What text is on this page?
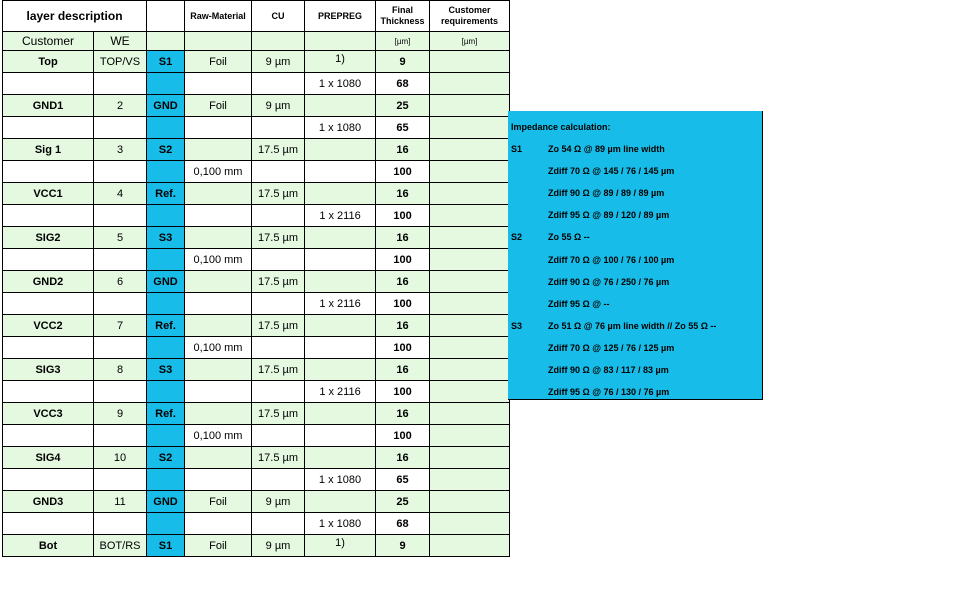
layer description			Raw-Material	CU	PREPREG	Final Thickness	Customer requirements
Customer	WE					[µm]	[µm]
Top	TOP/VS	S1	Foil	9 µm	1)	9	
					1 x 1080	68	
GND1	2	GND	Foil	9 µm		25	
					1 x 1080	65	
Sig 1	3	S2		17.5 µm		16	
			0,100 mm			100	
VCC1	4	Ref.		17.5 µm		16	
					1 x 2116	100	
SIG2	5	S3		17.5 µm		16	
			0,100 mm			100	
GND2	6	GND		17.5 µm		16	
					1 x 2116	100	
VCC2	7	Ref.		17.5 µm		16	
			0,100 mm			100	
SIG3	8	S3		17.5 µm		16	
					1 x 2116	100	
VCC3	9	Ref.		17.5 µm		16	
			0,100 mm			100	
SIG4	10	S2		17.5 µm		16	
					1 x 1080	65	
GND3	11	GND	Foil	9 µm		25	
					1 x 1080	68	
Bot	BOT/RS	S1	Foil	9 µm	1)	9	
Impedance calculation:
S1	Zo 54 Ω @ 89 µm line width
Zdiff 70 Ω @ 145 / 76 / 145 µm
Zdiff 90 Ω @ 89 / 89 / 89 µm
Zdiff 95 Ω @ 89 / 120 / 89 µm
S2	Zo 55 Ω --
Zdiff 70 Ω @ 100 / 76 / 100 µm
Zdiff 90 Ω @ 76 / 250 / 76 µm
Zdiff 95 Ω @ --
S3	Zo 51 Ω @ 76 µm line width // Zo 55 Ω --
Zdiff 70 Ω @ 125 / 76 / 125 µm
Zdiff 90 Ω @ 83 / 117 / 83 µm
Zdiff 95 Ω @ 76 / 130 / 76 µm
